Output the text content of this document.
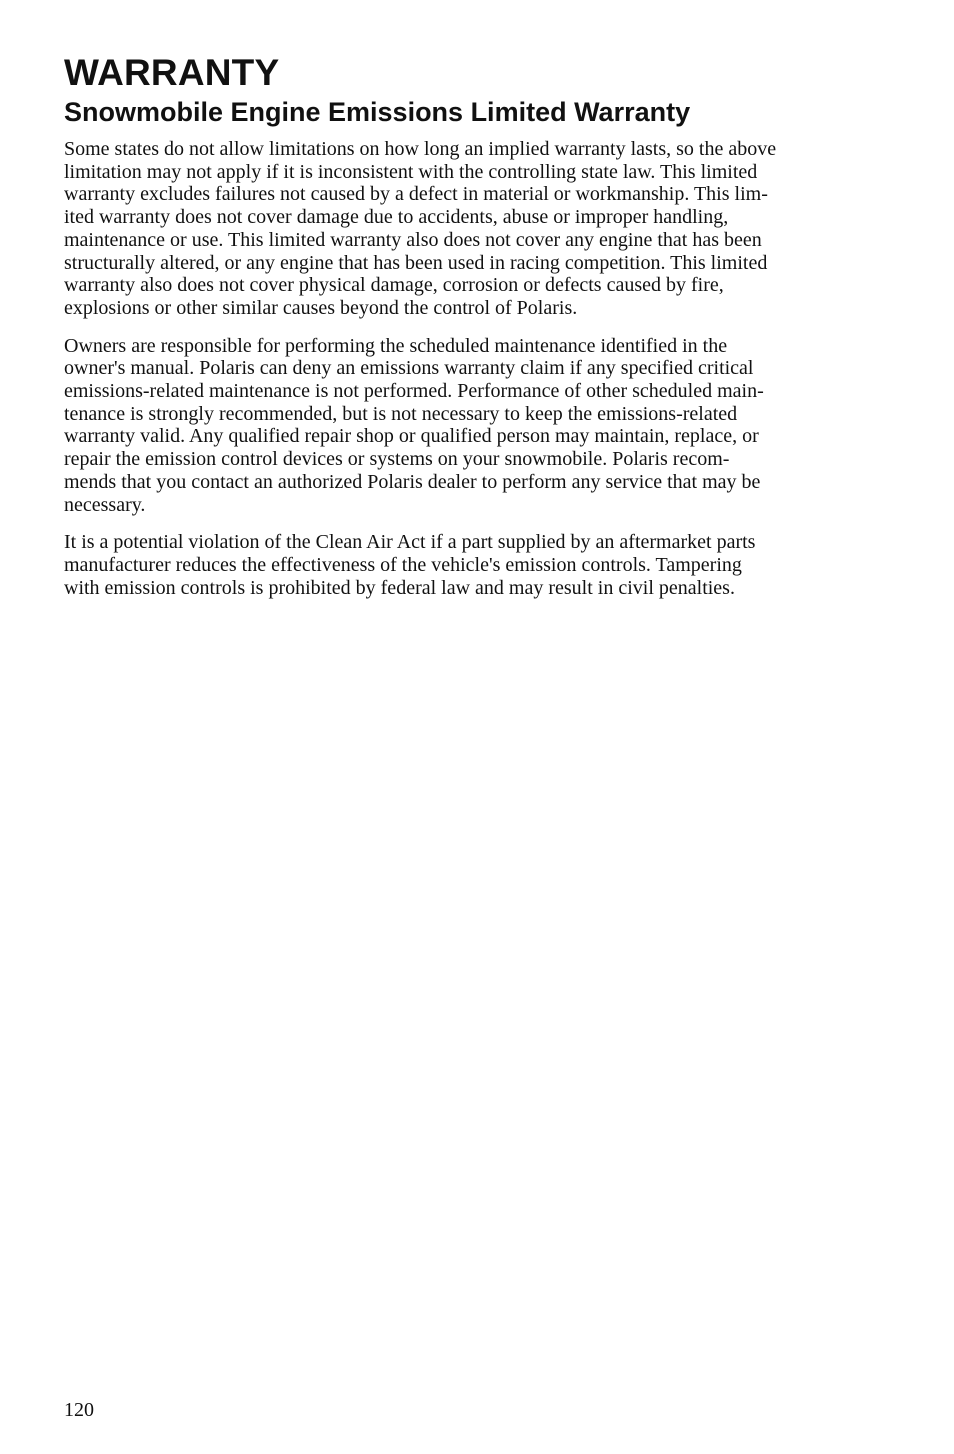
WARRANTY
Snowmobile Engine Emissions Limited Warranty

Some states do not allow limitations on how long an implied warranty lasts, so the above
limitation may not apply if it is inconsistent with the controlling state law. This limited
warranty excludes failures not caused by a defect in material or workmanship. This lim-
ited warranty does not cover damage due to accidents, abuse or improper handling,
maintenance or use. This limited warranty also does not cover any engine that has been
structurally altered, or any engine that has been used in racing competition. This limited
warranty also does not cover physical damage, corrosion or defects caused by fire,
explosions or other similar causes beyond the control of Polaris.

Owners are responsible for performing the scheduled maintenance identified in the
owner's manual. Polaris can deny an emissions warranty claim if any specified critical
emissions-related maintenance is not performed. Performance of other scheduled main-
tenance is strongly recommended, but is not necessary to keep the emissions-related
warranty valid. Any qualified repair shop or qualified person may maintain, replace, or
repair the emission control devices or systems on your snowmobile. Polaris recom-
mends that you contact an authorized Polaris dealer to perform any service that may be
necessary.

It is a potential violation of the Clean Air Act if a part supplied by an aftermarket parts
manufacturer reduces the effectiveness of the vehicle's emission controls. Tampering
with emission controls is prohibited by federal law and may result in civil penalties.

120
